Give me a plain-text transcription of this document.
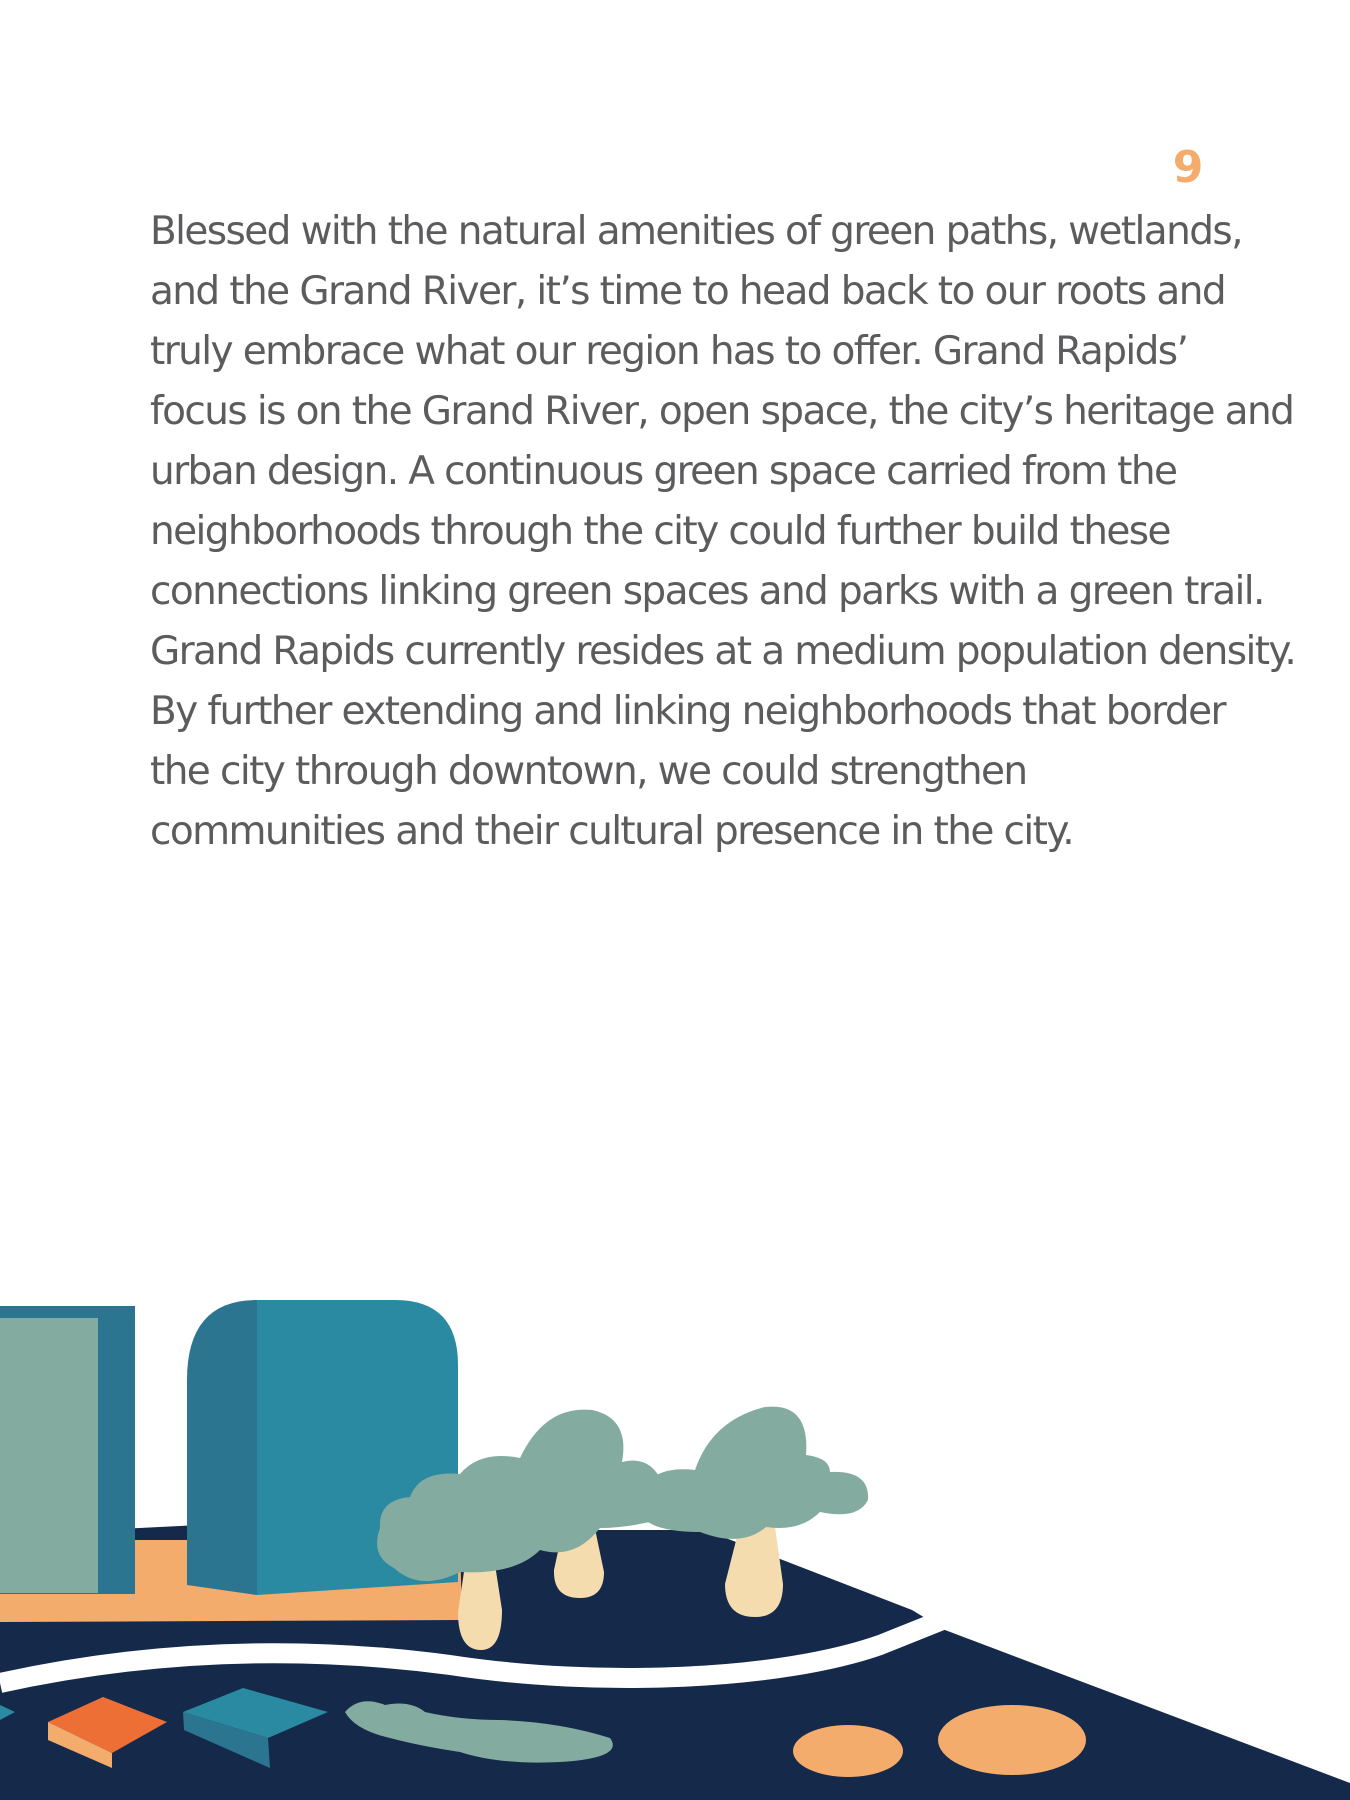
9

Blessed with the natural amenities of green paths, wetlands,
and the Grand River, it’s time to head back to our roots and
truly embrace what our region has to offer. Grand Rapids’
focus is on the Grand River, open space, the city’s heritage and
urban design. A continuous green space carried from the
neighborhoods through the city could further build these
connections linking green spaces and parks with a green trail.
Grand Rapids currently resides at a medium population density.
By further extending and linking neighborhoods that border
the city through downtown, we could strengthen
communities and their cultural presence in the city.
